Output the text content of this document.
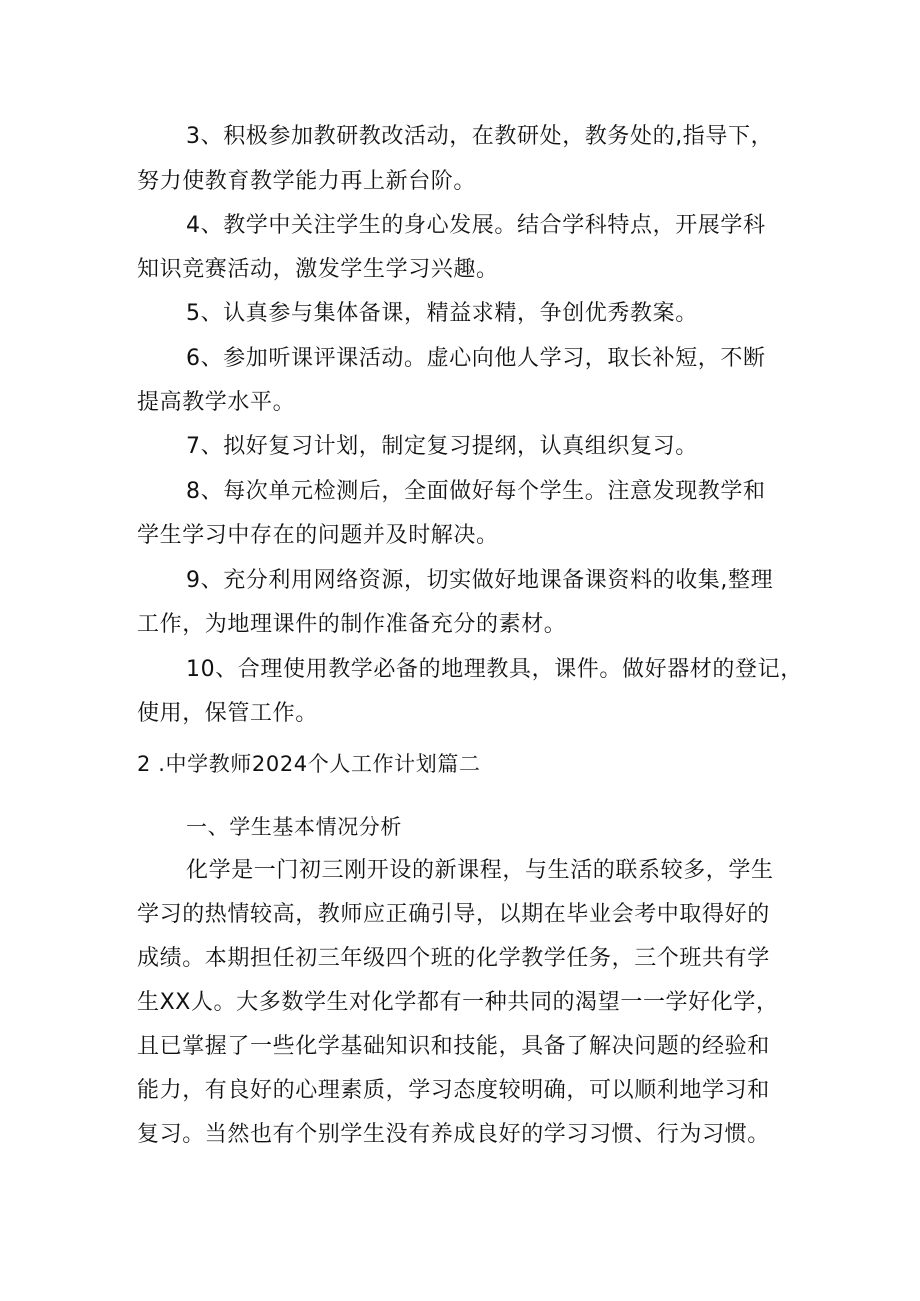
3、积极参加教研教改活动，在教研处，教务处的,指导下，
努力使教育教学能力再上新台阶。
4、教学中关注学生的身心发展。结合学科特点，开展学科
知识竞赛活动，激发学生学习兴趣。
5、认真参与集体备课，精益求精，争创优秀教案。
6、参加听课评课活动。虚心向他人学习，取长补短，不断
提高教学水平。
7、拟好复习计划，制定复习提纲，认真组织复习。
8、每次单元检测后，全面做好每个学生。注意发现教学和
学生学习中存在的问题并及时解决。
9、充分利用网络资源，切实做好地课备课资料的收集,整理
工作，为地理课件的制作准备充分的素材。
10、合理使用教学必备的地理教具，课件。做好器材的登记，
使用，保管工作。
2 .中学教师2024个人工作计划篇二
一、学生基本情况分析
化学是一门初三刚开设的新课程，与生活的联系较多，学生
学习的热情较高，教师应正确引导，以期在毕业会考中取得好的
成绩。本期担任初三年级四个班的化学教学任务，三个班共有学
生XX人。大多数学生对化学都有一种共同的渴望一一学好化学，
且已掌握了一些化学基础知识和技能，具备了解决问题的经验和
能力，有良好的心理素质，学习态度较明确，可以顺利地学习和
复习。当然也有个别学生没有养成良好的学习习惯、行为习惯。
